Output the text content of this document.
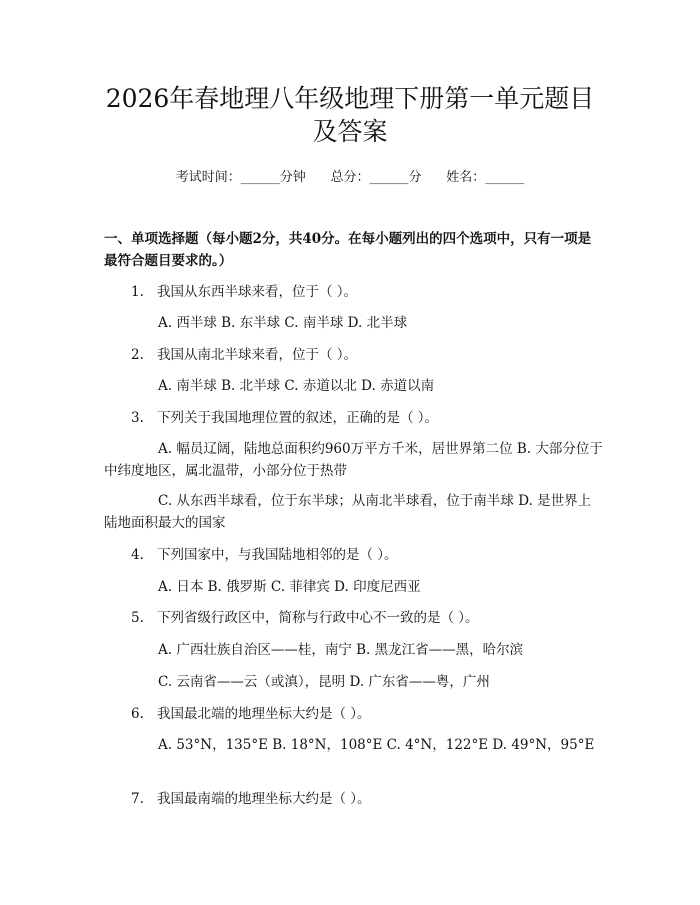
2026年春地理八年级地理下册第一单元题目
及答案
考试时间：______分钟      总分：______分      姓名：______
一、单项选择题（每小题2分，共40分。在每小题列出的四个选项中，只有一项是最符合题目要求的。）
1. 我国从东西半球来看，位于（ ）。
A. 西半球 B. 东半球 C. 南半球 D. 北半球
2. 我国从南北半球来看，位于（ ）。
A. 南半球 B. 北半球 C. 赤道以北 D. 赤道以南
3. 下列关于我国地理位置的叙述，正确的是（ ）。
A. 幅员辽阔，陆地总面积约960万平方千米，居世界第二位 B. 大部分位于中纬度地区，属北温带，小部分位于热带
C. 从东西半球看，位于东半球；从南北半球看，位于南半球 D. 是世界上陆地面积最大的国家
4. 下列国家中，与我国陆地相邻的是（ ）。
A. 日本 B. 俄罗斯 C. 菲律宾 D. 印度尼西亚
5. 下列省级行政区中，简称与行政中心不一致的是（ ）。
A. 广西壮族自治区——桂，南宁 B. 黑龙江省——黑，哈尔滨
C. 云南省——云（或滇），昆明 D. 广东省——粤，广州
6. 我国最北端的地理坐标大约是（ ）。
A. 53°N，135°E B. 18°N，108°E C. 4°N，122°E D. 49°N，95°E
7. 我国最南端的地理坐标大约是（ ）。
